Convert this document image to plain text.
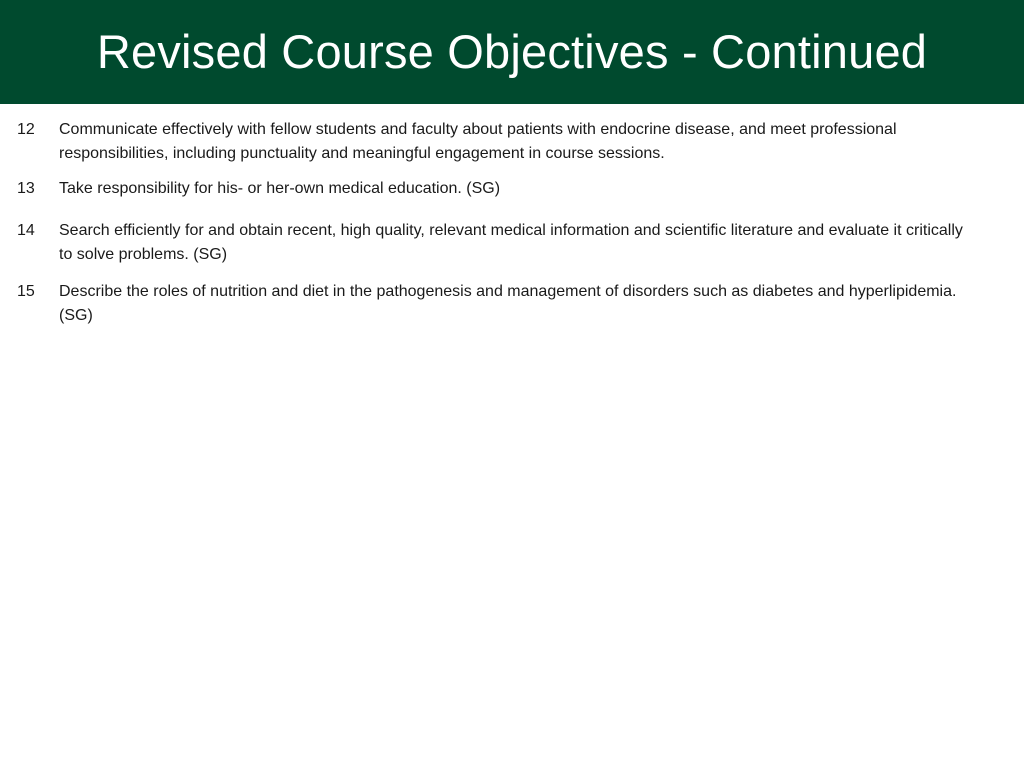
Revised Course Objectives - Continued
12	Communicate effectively with fellow students and faculty about patients with endocrine disease, and meet professional responsibilities, including punctuality and meaningful engagement in course sessions.
13	Take responsibility for his- or her-own medical education. (SG)
14	Search efficiently for and obtain recent, high quality, relevant medical information and scientific literature and evaluate it critically to solve problems. (SG)
15	Describe the roles of nutrition and diet in the pathogenesis and management of disorders such as diabetes and hyperlipidemia. (SG)
